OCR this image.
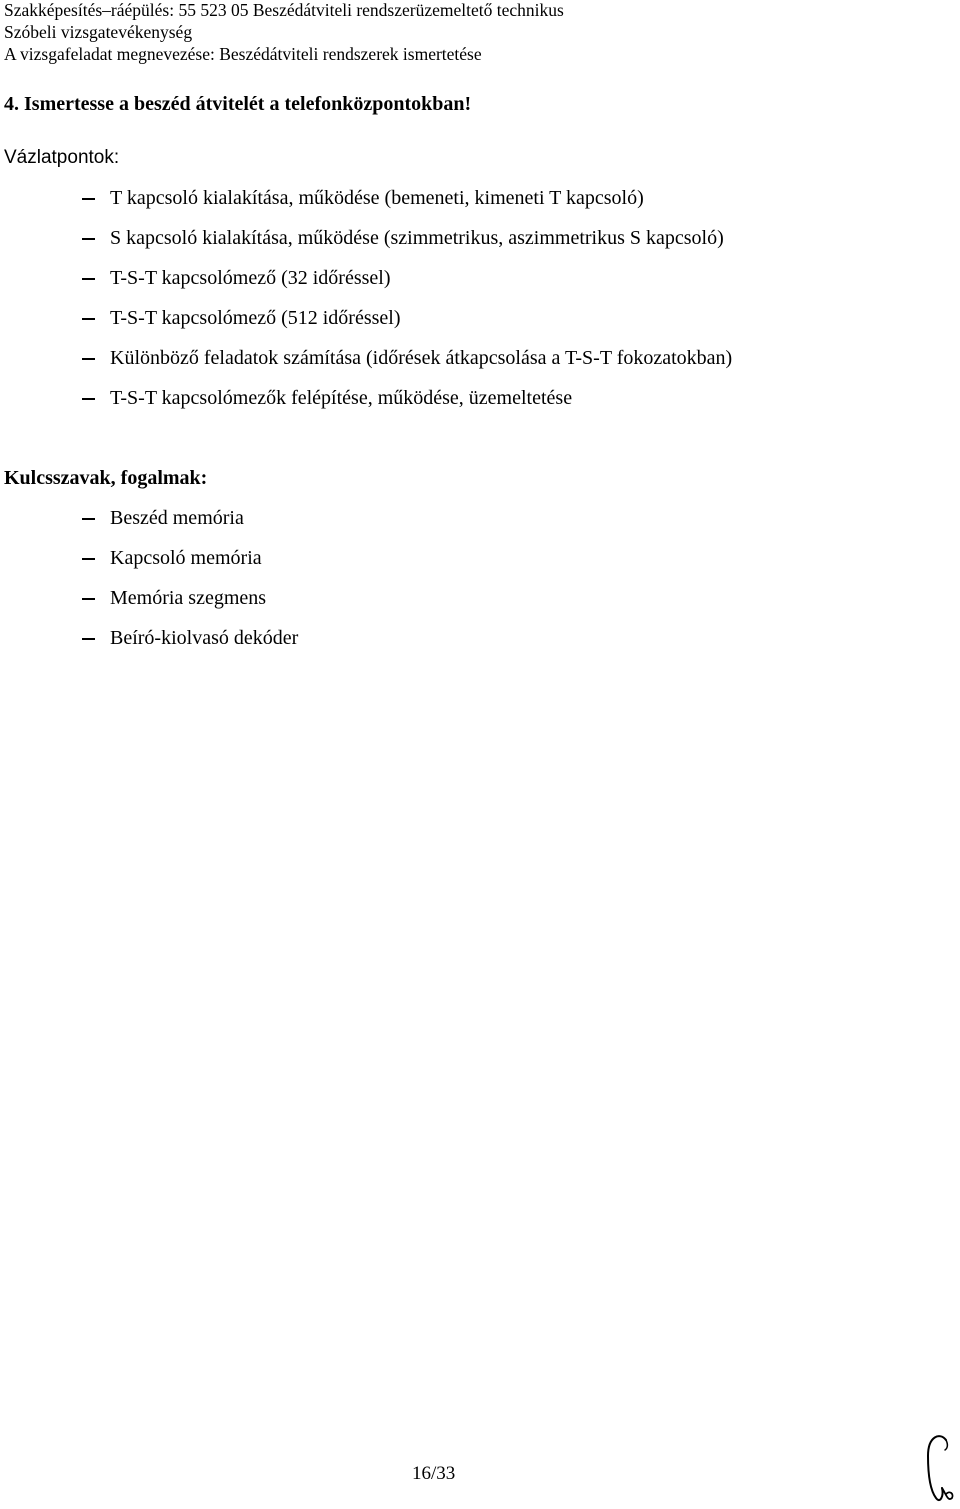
Szakképesítés–ráépülés: 55 523 05 Beszédátviteli rendszerüzemeltető technikus
Szóbeli vizsgatevékenység
A vizsgafeladat megnevezése: Beszédátviteli rendszerek ismertetése
4. Ismertesse a beszéd átvitelét a telefonközpontokban!
Vázlatpontok:
T kapcsoló kialakítása, működése (bemeneti, kimeneti T kapcsoló)
S kapcsoló kialakítása, működése (szimmetrikus, aszimmetrikus S kapcsoló)
T-S-T kapcsolómező (32 időréssel)
T-S-T kapcsolómező (512 időréssel)
Különböző feladatok számítása (időrések átkapcsolása a T-S-T fokozatokban)
T-S-T kapcsolómezők felépítése, működése, üzemeltetése
Kulcsszavak, fogalmak:
Beszéd memória
Kapcsoló memória
Memória szegmens
Beíró-kiolvasó dekóder
16/33
